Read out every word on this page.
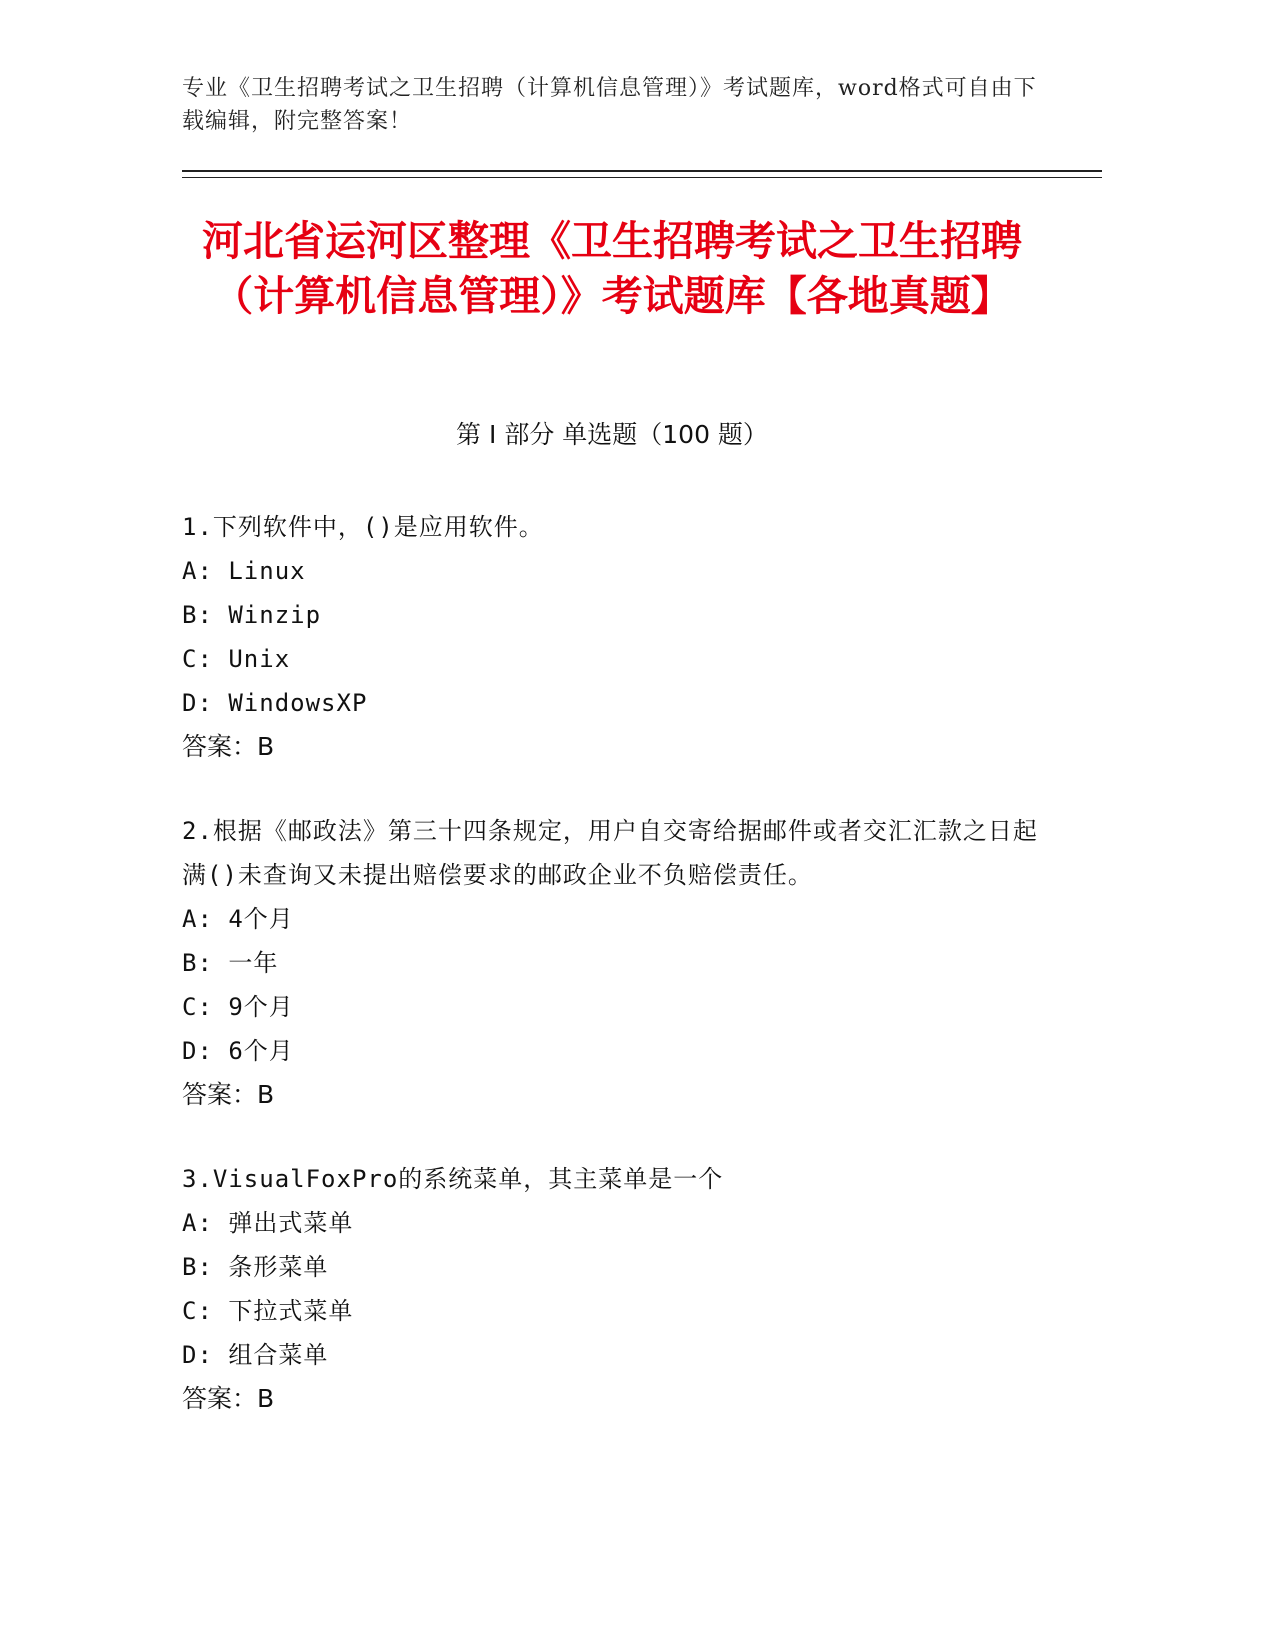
专业《卫生招聘考试之卫生招聘（计算机信息管理）》考试题库，word格式可自由下载编辑，附完整答案！
河北省运河区整理《卫生招聘考试之卫生招聘（计算机信息管理）》考试题库【各地真题】
第 I 部分 单选题（100 题）
1.下列软件中，()是应用软件。
A: Linux
B: Winzip
C: Unix
D: WindowsXP
答案：B
2.根据《邮政法》第三十四条规定，用户自交寄给据邮件或者交汇汇款之日起满()未查询又未提出赔偿要求的邮政企业不负赔偿责任。
A: 4个月
B: 一年
C: 9个月
D: 6个月
答案：B
3.VisualFoxPro的系统菜单，其主菜单是一个
A: 弹出式菜单
B: 条形菜单
C: 下拉式菜单
D: 组合菜单
答案：B
